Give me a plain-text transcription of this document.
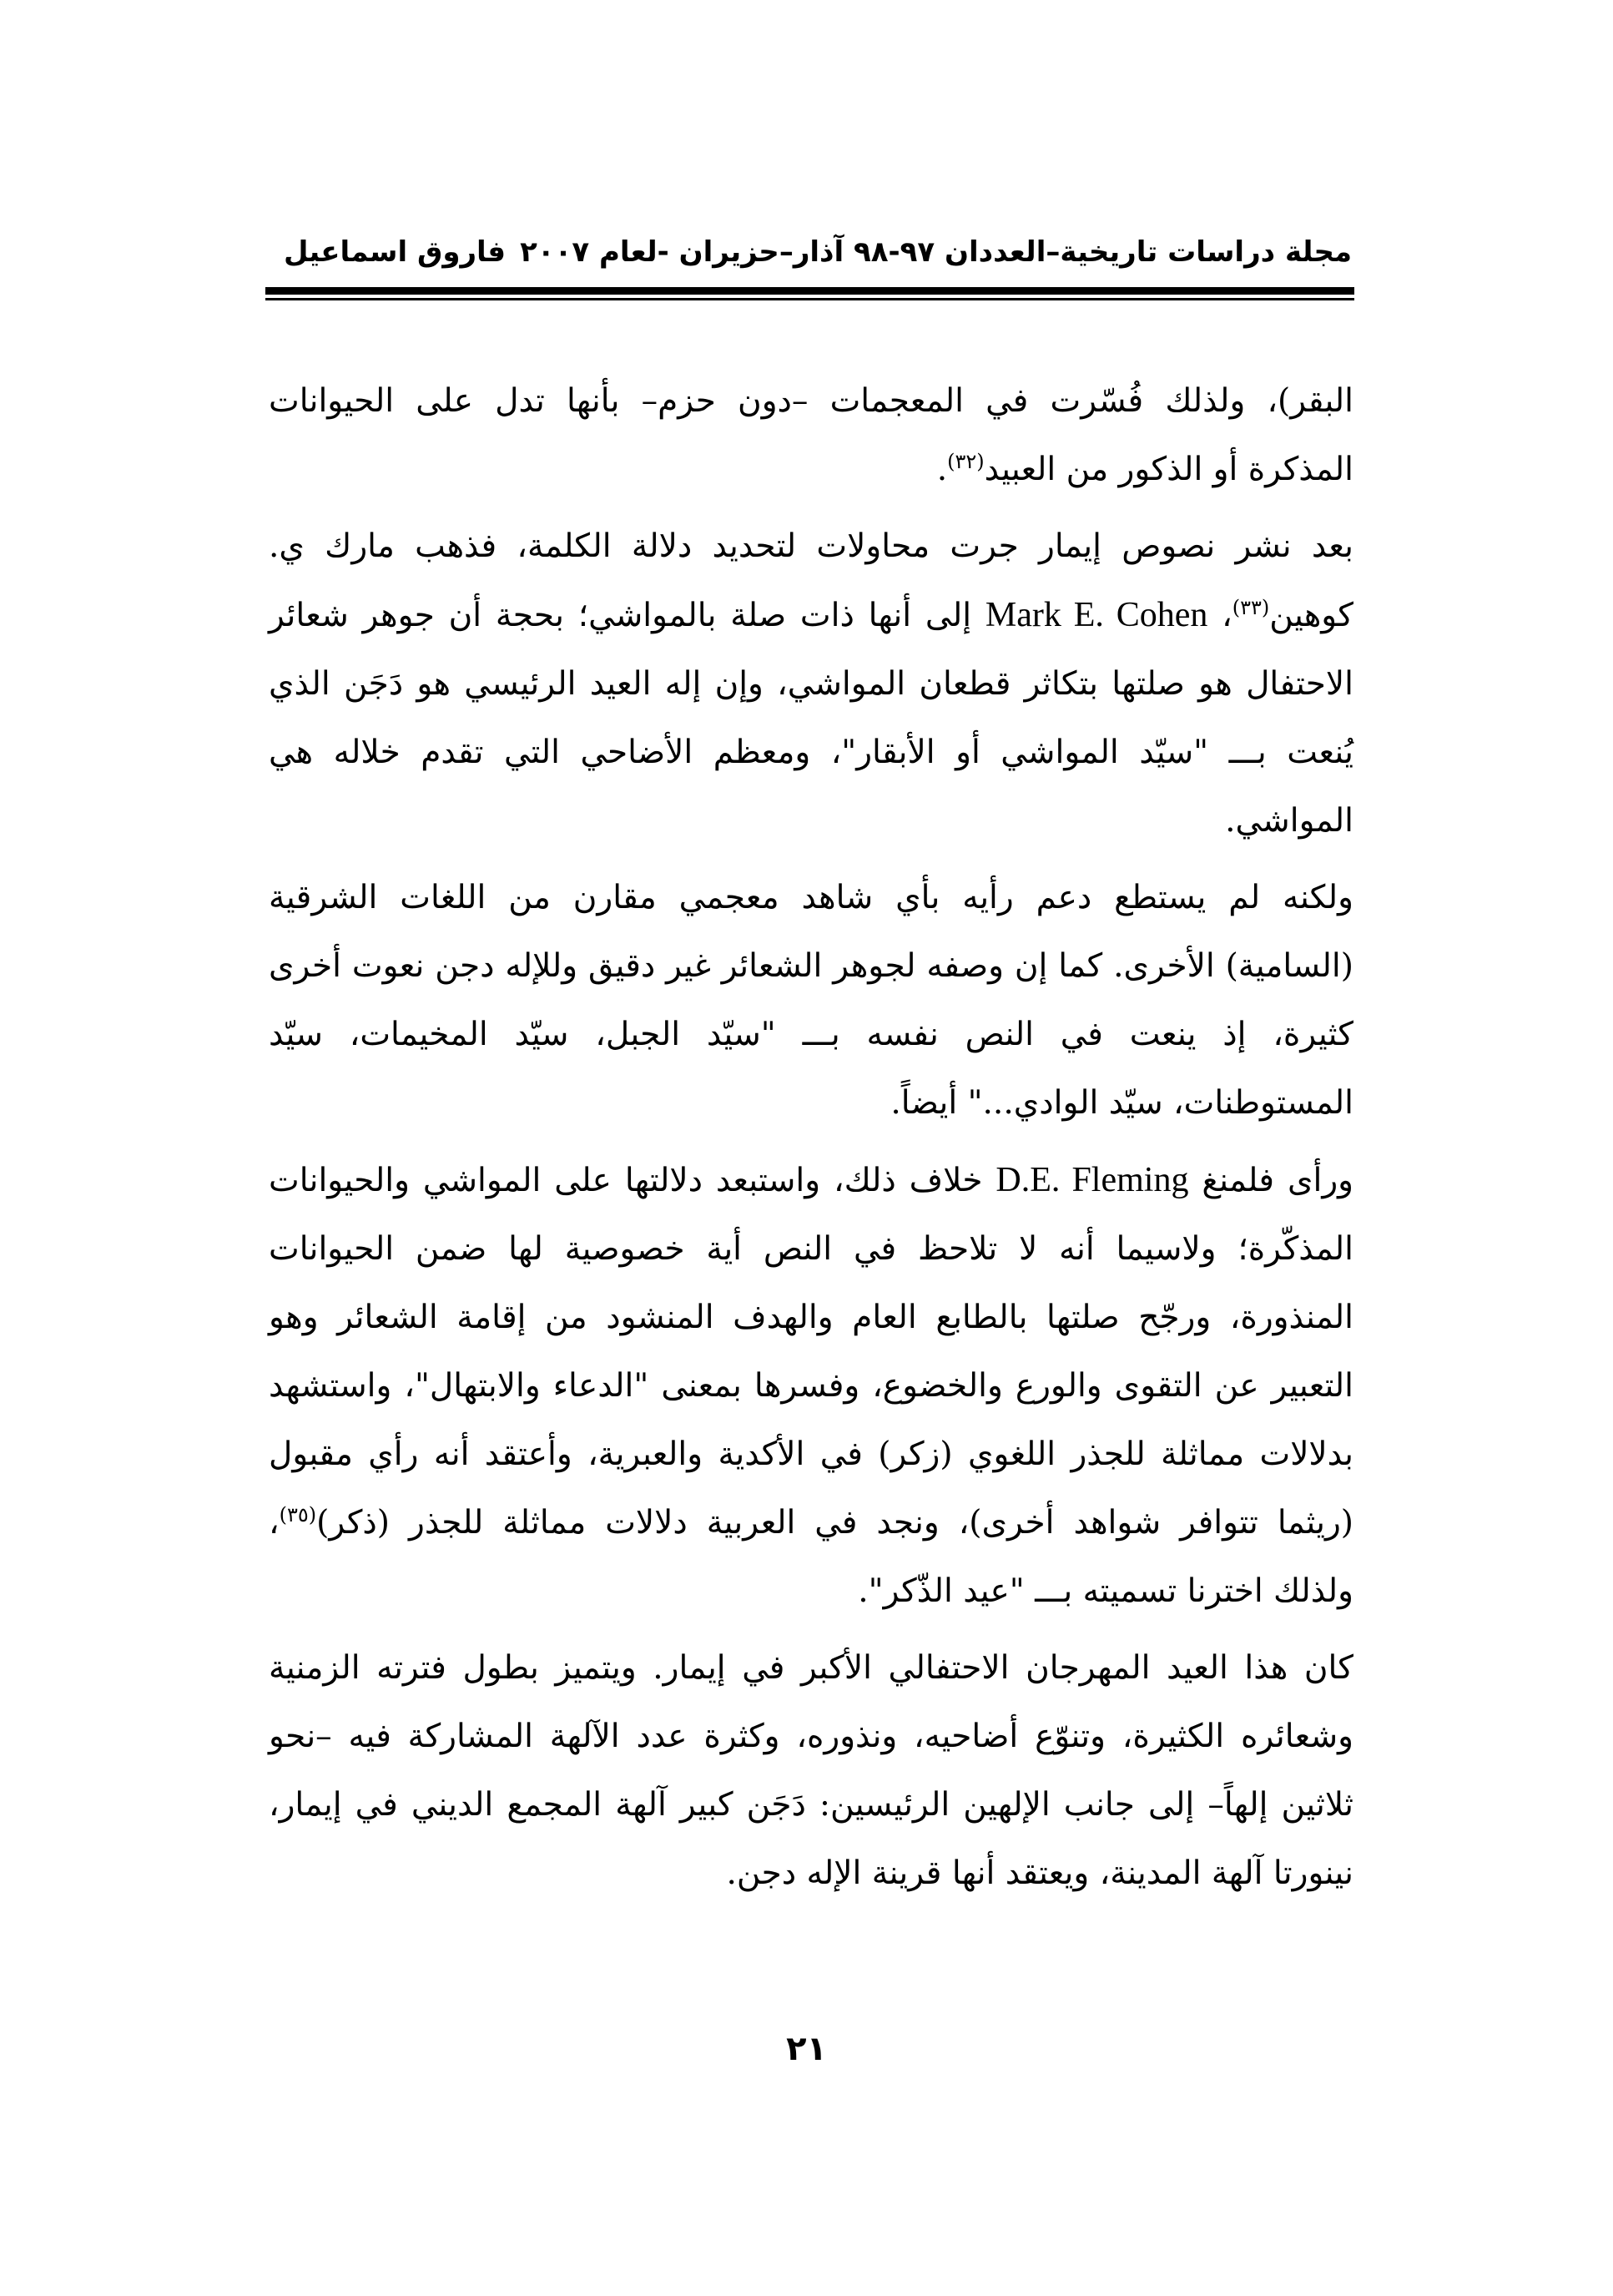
مجلة دراسات تاريخية–العددان ٩٧-٩٨ آذار–حزيران -لعام ٢٠٠٧
فاروق اسماعيل

البقر)، ولذلك فُسّرت في المعجمات –دون حزم– بأنها تدل على الحيوانات المذكرة أو الذكور من العبيد$^{(٣٢)}$.

بعد نشر نصوص إيمار جرت محاولات لتحديد دلالة الكلمة، فذهب مارك ي. كوهين$^{(٣٣)}$، Mark E. Cohen إلى أنها ذات صلة بالمواشي؛ بحجة أن جوهر شعائر الاحتفال هو صلتها بتكاثر قطعان المواشي، وإن إله العيد الرئيسي هو دَجَن الذي يُنعت بـــ "سيّد المواشي أو الأبقار"، ومعظم الأضاحي التي تقدم خلاله هي المواشي.

ولكنه لم يستطع دعم رأيه بأي شاهد معجمي مقارن من اللغات الشرقية (السامية) الأخرى. كما إن وصفه لجوهر الشعائر غير دقيق وللإله دجن نعوت أخرى كثيرة، إذ ينعت في النص نفسه بـــ "سيّد الجبل، سيّد المخيمات، سيّد المستوطنات، سيّد الوادي..." أيضاً.

ورأى فلمنغ D.E. Fleming خلاف ذلك، واستبعد دلالتها على المواشي والحيوانات المذكّرة؛ ولاسيما أنه لا تلاحظ في النص أية خصوصية لها ضمن الحيوانات المنذورة، ورجّح صلتها بالطابع العام والهدف المنشود من إقامة الشعائر وهو التعبير عن التقوى والورع والخضوع، وفسرها بمعنى "الدعاء والابتهال"، واستشهد بدلالات مماثلة للجذر اللغوي (زكر) في الأكدية والعبرية، وأعتقد أنه رأي مقبول (ريثما تتوافر شواهد أخرى)، ونجد في العربية دلالات مماثلة للجذر (ذكر)$^{(٣٥)}$، ولذلك اخترنا تسميته بـــ "عيد الذّكر".

كان هذا العيد المهرجان الاحتفالي الأكبر في إيمار. ويتميز بطول فترته الزمنية وشعائره الكثيرة، وتنوّع أضاحيه، ونذوره، وكثرة عدد الآلهة المشاركة فيه –نحو ثلاثين إلهاً– إلى جانب الإلهين الرئيسين: دَجَن كبير آلهة المجمع الديني في إيمار، نينورتا آلهة المدينة، ويعتقد أنها قرينة الإله دجن.

٢١
